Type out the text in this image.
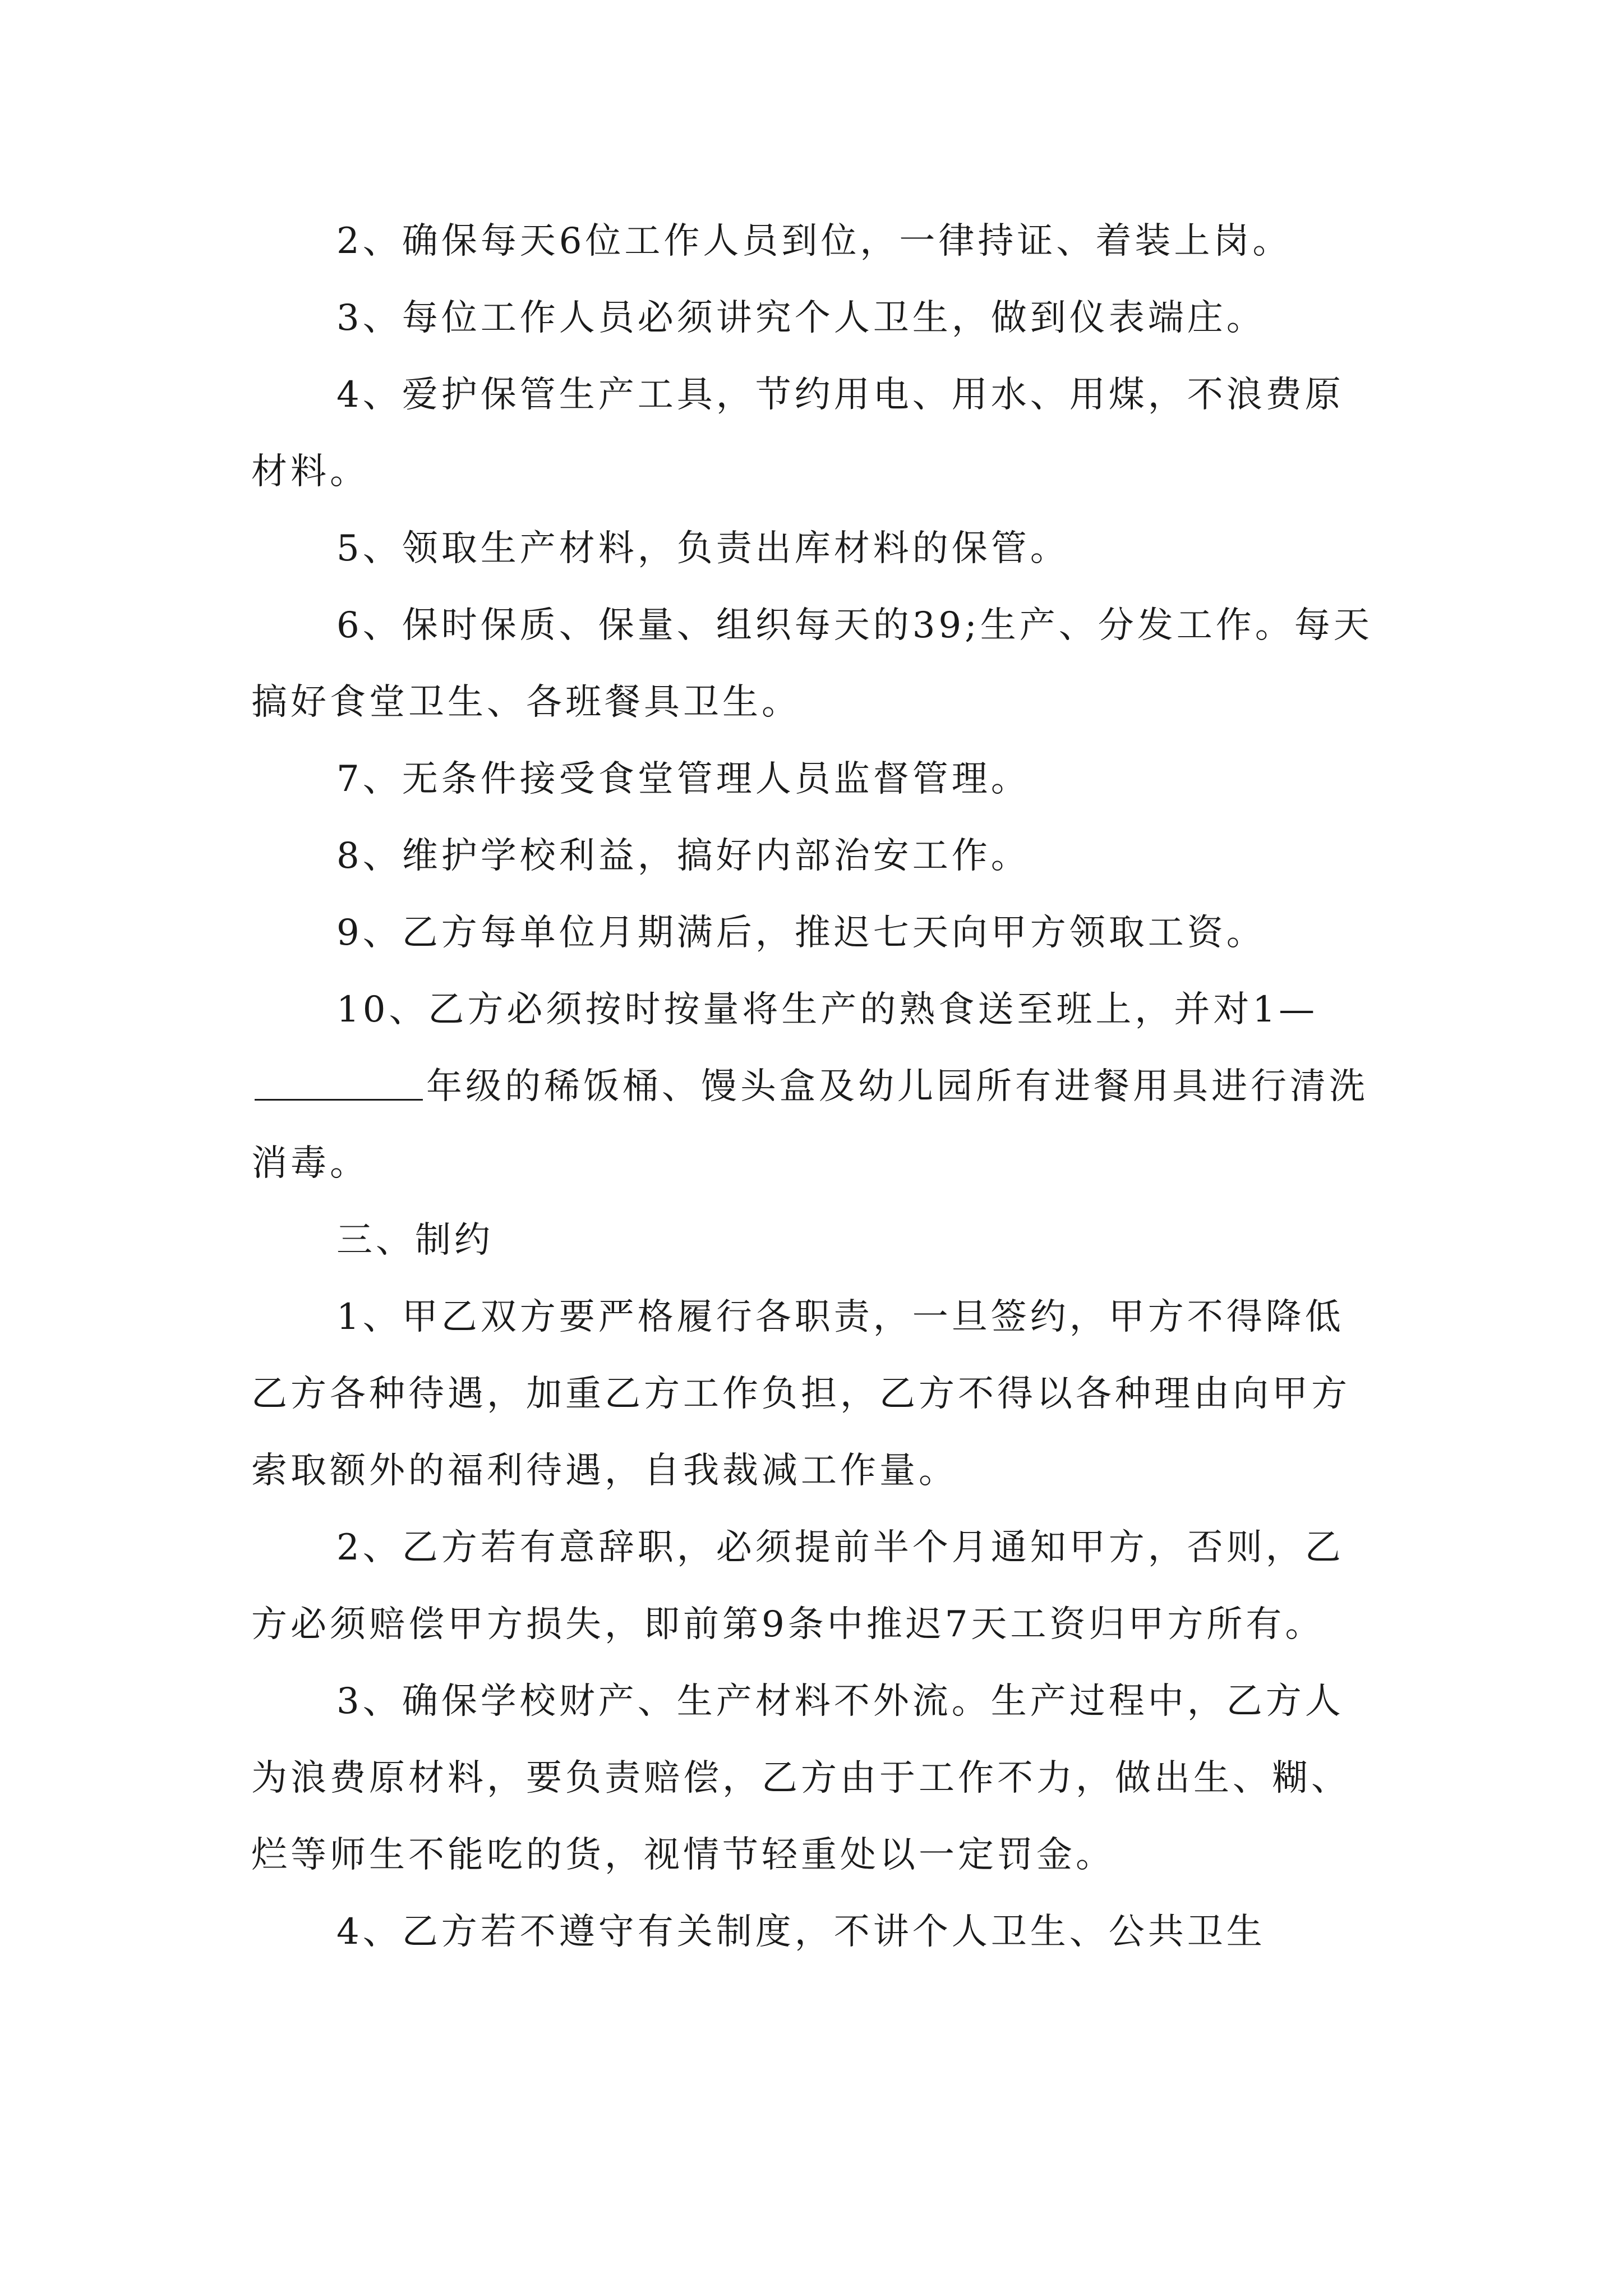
2、确保每天6位工作人员到位，一律持证、着装上岗。

3、每位工作人员必须讲究个人卫生，做到仪表端庄。

4、爱护保管生产工具，节约用电、用水、用煤，不浪费原材料。

5、领取生产材料，负责出库材料的保管。

6、保时保质、保量、组织每天的39;生产、分发工作。每天搞好食堂卫生、各班餐具卫生。

7、无条件接受食堂管理人员监督管理。

8、维护学校利益，搞好内部治安工作。

9、乙方每单位月期满后，推迟七天向甲方领取工资。

10、乙方必须按时按量将生产的熟食送至班上，并对1—年级的稀饭桶、馒头盒及幼儿园所有进餐用具进行清洗消毒。

三、制约

1、甲乙双方要严格履行各职责，一旦签约，甲方不得降低乙方各种待遇，加重乙方工作负担，乙方不得以各种理由向甲方索取额外的福利待遇，自我裁减工作量。

2、乙方若有意辞职，必须提前半个月通知甲方，否则，乙方必须赔偿甲方损失，即前第9条中推迟7天工资归甲方所有。

3、确保学校财产、生产材料不外流。生产过程中，乙方人为浪费原材料，要负责赔偿，乙方由于工作不力，做出生、糊、烂等师生不能吃的货，视情节轻重处以一定罚金。

4、乙方若不遵守有关制度，不讲个人卫生、公共卫生
